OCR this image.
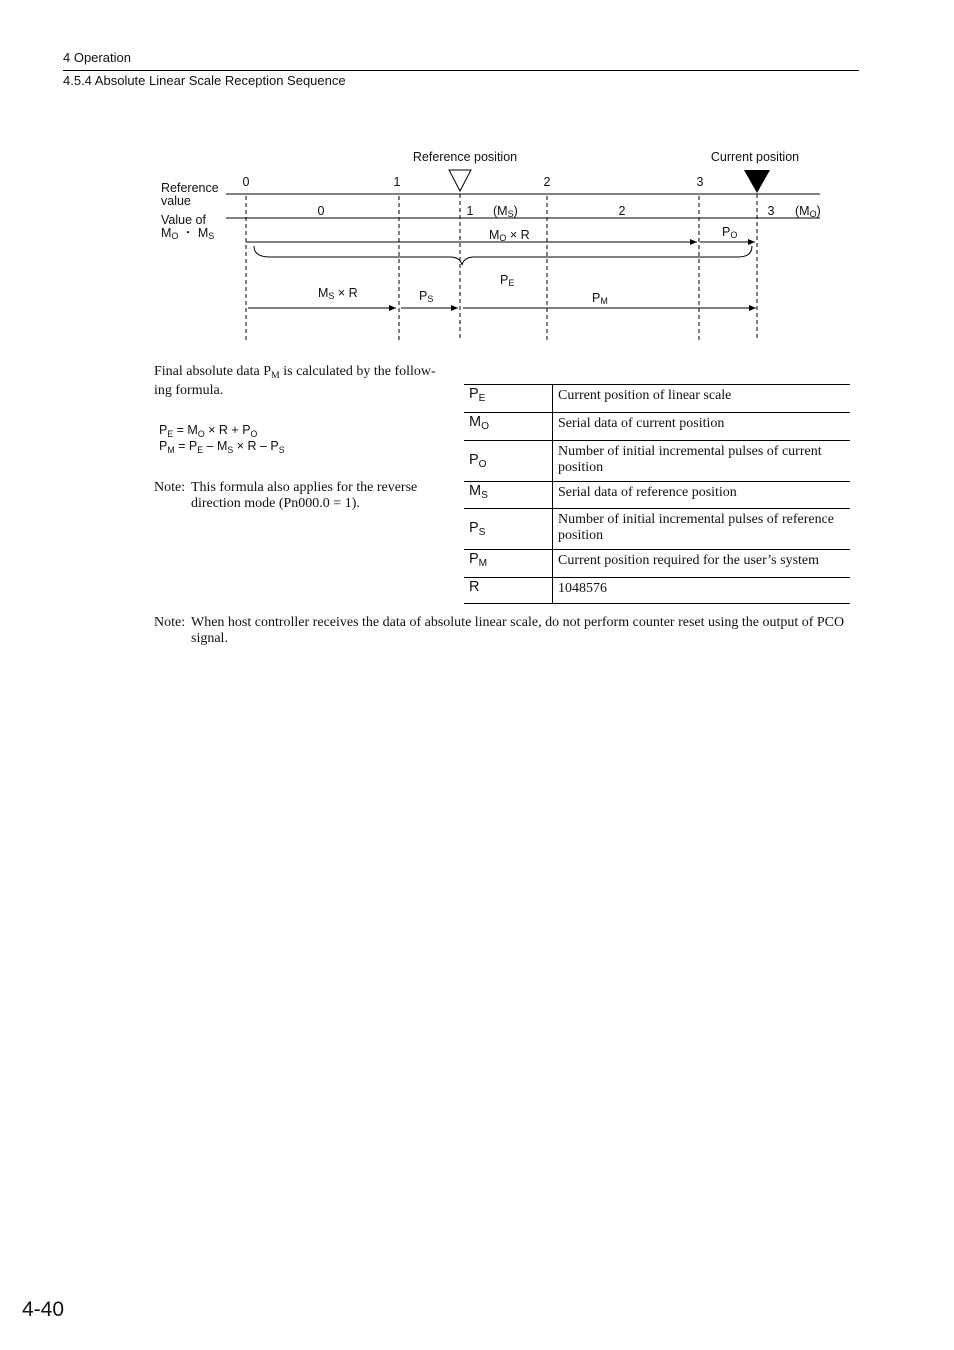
4 Operation
4.5.4 Absolute Linear Scale Reception Sequence
Reference position	Current position
Reference
value
Value of
MO ・ MS
0	1	2	3
0	1	2	3
(MS)	(MO)
MO × R	PO
PE
MS × R	PS	PM
Final absolute data $P_M$ is calculated by the follow-ing formula.
$P_E = M_O \times R + P_O$
$P_M = P_E - M_S \times R - P_S$
Note: This formula also applies for the reverse direction mode (Pn000.0 = 1).
$P_E$	Current position of linear scale
$M_O$	Serial data of current position
$P_O$	Number of initial incremental pulses of current position
$M_S$	Serial data of reference position
$P_S$	Number of initial incremental pulses of reference position
$P_M$	Current position required for the user’s system
R	1048576
Note: When host controller receives the data of absolute linear scale, do not perform counter reset using the output of PCO signal.
4-40
